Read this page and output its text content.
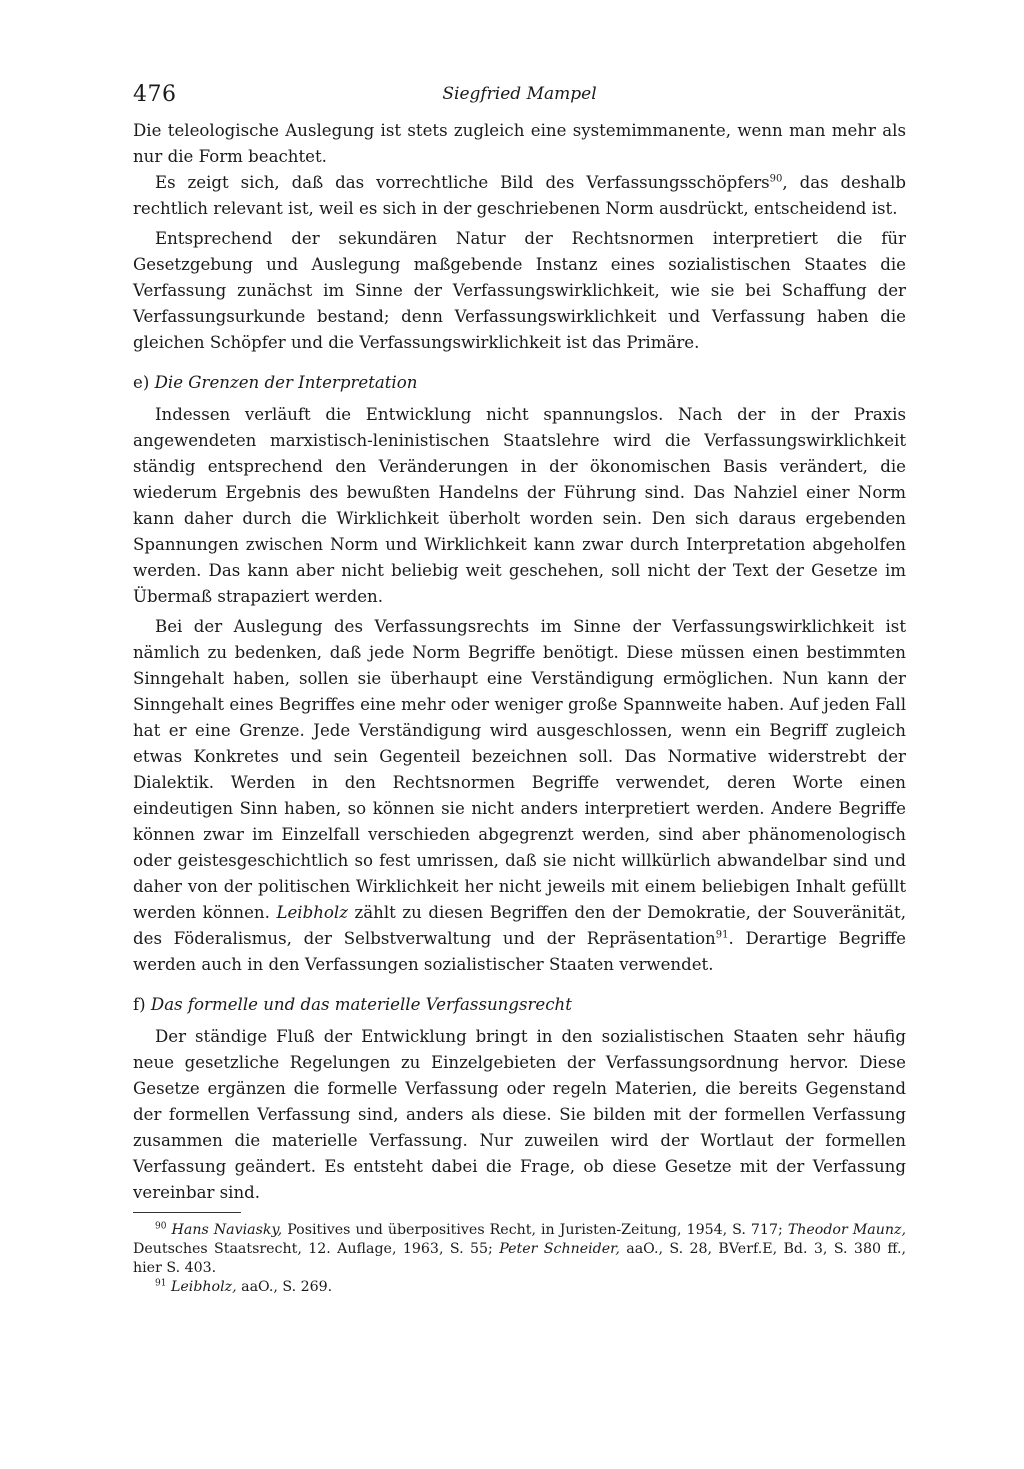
476	Siegfried Mampel

Die teleologische Auslegung ist stets zugleich eine systemimmanente, wenn man mehr als nur die Form beachtet.

Es zeigt sich, daß das vorrechtliche Bild des Verfassungsschöpfers$^{90}$, das deshalb rechtlich relevant ist, weil es sich in der geschriebenen Norm ausdrückt, entscheidend ist.

Entsprechend der sekundären Natur der Rechtsnormen interpretiert die für Gesetzgebung und Auslegung maßgebende Instanz eines sozialistischen Staates die Verfassung zunächst im Sinne der Verfassungswirklichkeit, wie sie bei Schaffung der Verfassungsurkunde bestand; denn Verfassungswirklichkeit und Verfassung haben die gleichen Schöpfer und die Verfassungswirklichkeit ist das Primäre.

e) Die Grenzen der Interpretation

Indessen verläuft die Entwicklung nicht spannungslos. Nach der in der Praxis angewendeten marxistisch-leninistischen Staatslehre wird die Verfassungswirklichkeit ständig entsprechend den Veränderungen in der ökonomischen Basis verändert, die wiederum Ergebnis des bewußten Handelns der Führung sind. Das Nahziel einer Norm kann daher durch die Wirklichkeit überholt worden sein. Den sich daraus ergebenden Spannungen zwischen Norm und Wirklichkeit kann zwar durch Interpretation abgeholfen werden. Das kann aber nicht beliebig weit geschehen, soll nicht der Text der Gesetze im Übermaß strapaziert werden.

Bei der Auslegung des Verfassungsrechts im Sinne der Verfassungswirklichkeit ist nämlich zu bedenken, daß jede Norm Begriffe benötigt. Diese müssen einen bestimmten Sinngehalt haben, sollen sie überhaupt eine Verständigung ermöglichen. Nun kann der Sinngehalt eines Begriffes eine mehr oder weniger große Spannweite haben. Auf jeden Fall hat er eine Grenze. Jede Verständigung wird ausgeschlossen, wenn ein Begriff zugleich etwas Konkretes und sein Gegenteil bezeichnen soll. Das Normative widerstrebt der Dialektik. Werden in den Rechtsnormen Begriffe verwendet, deren Worte einen eindeutigen Sinn haben, so können sie nicht anders interpretiert werden. Andere Begriffe können zwar im Einzelfall verschieden abgegrenzt werden, sind aber phänomenologisch oder geistesgeschichtlich so fest umrissen, daß sie nicht willkürlich abwandelbar sind und daher von der politischen Wirklichkeit her nicht jeweils mit einem beliebigen Inhalt gefüllt werden können. Leibholz zählt zu diesen Begriffen den der Demokratie, der Souveränität, des Föderalismus, der Selbstverwaltung und der Repräsentation$^{91}$. Derartige Begriffe werden auch in den Verfassungen sozialistischer Staaten verwendet.

f) Das formelle und das materielle Verfassungsrecht

Der ständige Fluß der Entwicklung bringt in den sozialistischen Staaten sehr häufig neue gesetzliche Regelungen zu Einzelgebieten der Verfassungsordnung hervor. Diese Gesetze ergänzen die formelle Verfassung oder regeln Materien, die bereits Gegenstand der formellen Verfassung sind, anders als diese. Sie bilden mit der formellen Verfassung zusammen die materielle Verfassung. Nur zuweilen wird der Wortlaut der formellen Verfassung geändert. Es entsteht dabei die Frage, ob diese Gesetze mit der Verfassung vereinbar sind.

$^{90}$ Hans Naviasky, Positives und überpositives Recht, in Juristen-Zeitung, 1954, S. 717; Theodor Maunz, Deutsches Staatsrecht, 12. Auflage, 1963, S. 55; Peter Schneider, aaO., S. 28, BVerf.E, Bd. 3, S. 380 ff., hier S. 403.

$^{91}$ Leibholz, aaO., S. 269.
